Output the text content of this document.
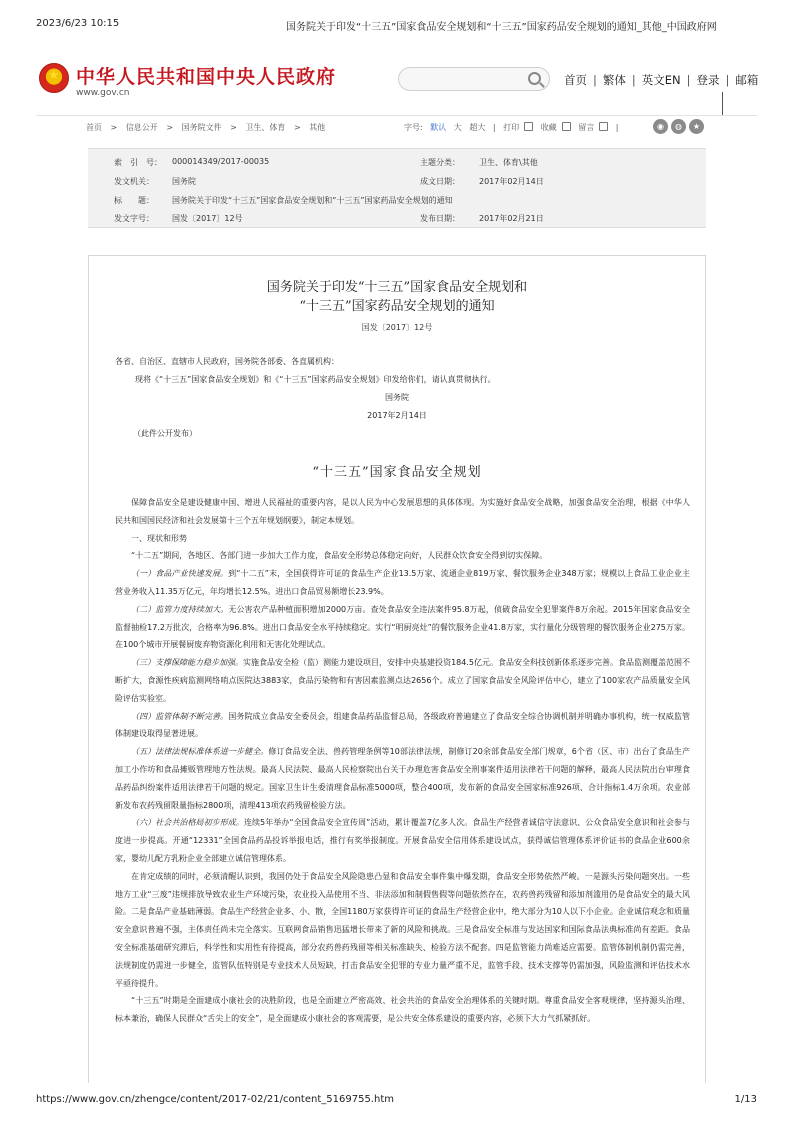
2023/6/23 10:15	国务院关于印发“十三五”国家食品安全规划和“十三五”国家药品安全规划的通知_其他_中国政府网
★
中华人民共和国中央人民政府
www.gov.cn
首页 | 繁体 | 英文EN | 登录 | 邮箱
首页 > 信息公开 > 国务院文件 > 卫生、体育 > 其他	字号: 默认 大 超大 | 打印	收藏	留言	|	◉ ◍ ★
索　引　号： 000014349/2017-00035	主题分类： 卫生、体育\其他
发文机关： 国务院	成文日期： 2017年02月14日
标　　题： 国务院关于印发“十三五”国家食品安全规划和“十三五”国家药品安全规划的通知
发文字号： 国发〔2017〕12号	发布日期： 2017年02月21日
国务院关于印发“十三五”国家食品安全规划和
“十三五”国家药品安全规划的通知
国发〔2017〕12号
各省、自治区、直辖市人民政府，国务院各部委、各直属机构：
现将《“十三五”国家食品安全规划》和《“十三五”国家药品安全规划》印发给你们，请认真贯彻执行。
国务院
2017年2月14日
（此件公开发布）
“十三五”国家食品安全规划

保障食品安全是建设健康中国、增进人民福祉的重要内容，是以人民为中心发展思想的具体体现。为实施好食品安全战略，加强食品安全治理，根据《中华人民共和国国民经济和社会发展第十三个五年规划纲要》，制定本规划。

一、现状和形势

“十二五”期间，各地区、各部门进一步加大工作力度，食品安全形势总体稳定向好，人民群众饮食安全得到切实保障。

（一）食品产业快速发展。到“十二五”末，全国获得许可证的食品生产企业13.5万家、流通企业819万家、餐饮服务企业348万家；规模以上食品工业企业主营业务收入11.35万亿元，年均增长12.5%。进出口食品贸易额增长23.9%。

（二）监管力度持续加大。无公害农产品种植面积增加2000万亩。查处食品安全违法案件95.8万起，侦破食品安全犯罪案件8万余起。2015年国家食品安全监督抽检17.2万批次，合格率为96.8%。进出口食品安全水平持续稳定。实行“明厨亮灶”的餐饮服务企业41.8万家，实行量化分级管理的餐饮服务企业275万家。在100个城市开展餐厨废弃物资源化利用和无害化处理试点。

（三）支撑保障能力稳步加强。实施食品安全检（监）测能力建设项目，安排中央基建投资184.5亿元。食品安全科技创新体系逐步完善。食品监测覆盖范围不断扩大，食源性疾病监测网络哨点医院达3883家，食品污染物和有害因素监测点达2656个。成立了国家食品安全风险评估中心，建立了100家农产品质量安全风险评估实验室。

（四）监管体制不断完善。国务院成立食品安全委员会，组建食品药品监督总局，各级政府普遍建立了食品安全综合协调机制并明确办事机构，统一权威监管体制建设取得显著进展。

（五）法律法规标准体系进一步健全。修订食品安全法、兽药管理条例等10部法律法规，制修订20余部食品安全部门规章，6个省（区、市）出台了食品生产加工小作坊和食品摊贩管理地方性法规。最高人民法院、最高人民检察院出台关于办理危害食品安全刑事案件适用法律若干问题的解释，最高人民法院出台审理食品药品纠纷案件适用法律若干问题的规定。国家卫生计生委清理食品标准5000项，整合400项，发布新的食品安全国家标准926项、合计指标1.4万余项。农业部新发布农药残留限量指标2800项，清理413项农药残留检验方法。

（六）社会共治格局初步形成。连续5年举办“全国食品安全宣传周”活动，累计覆盖7亿多人次。食品生产经营者诚信守法意识、公众食品安全意识和社会参与度进一步提高。开通“12331”全国食品药品投诉举报电话，推行有奖举报制度。开展食品安全信用体系建设试点，获得诚信管理体系评价证书的食品企业600余家，婴幼儿配方乳粉企业全部建立诚信管理体系。

在肯定成绩的同时，必须清醒认识到，我国仍处于食品安全风险隐患凸显和食品安全事件集中爆发期，食品安全形势依然严峻。一是源头污染问题突出。一些地方工业“三废”违规排放导致农业生产环境污染，农业投入品使用不当、非法添加和制假售假等问题依然存在，农药兽药残留和添加剂滥用仍是食品安全的最大风险。二是食品产业基础薄弱。食品生产经营企业多、小、散，全国1180万家获得许可证的食品生产经营企业中，绝大部分为10人以下小企业。企业诚信观念和质量安全意识普遍不强，主体责任尚未完全落实。互联网食品销售迅猛增长带来了新的风险和挑战。三是食品安全标准与发达国家和国际食品法典标准尚有差距。食品安全标准基础研究滞后，科学性和实用性有待提高，部分农药兽药残留等相关标准缺失、检验方法不配套。四是监管能力尚难适应需要。监管体制机制仍需完善，法规制度仍需进一步健全，监管队伍特别是专业技术人员短缺，打击食品安全犯罪的专业力量严重不足，监管手段、技术支撑等仍需加强，风险监测和评估技术水平亟待提升。

“十三五”时期是全面建成小康社会的决胜阶段，也是全面建立严密高效、社会共治的食品安全治理体系的关键时期。尊重食品安全客观规律，坚持源头治理、标本兼治，确保人民群众“舌尖上的安全”，是全面建成小康社会的客观需要，是公共安全体系建设的重要内容，必须下大力气抓紧抓好。

https://www.gov.cn/zhengce/content/2017-02/21/content_5169755.htm	1/13
